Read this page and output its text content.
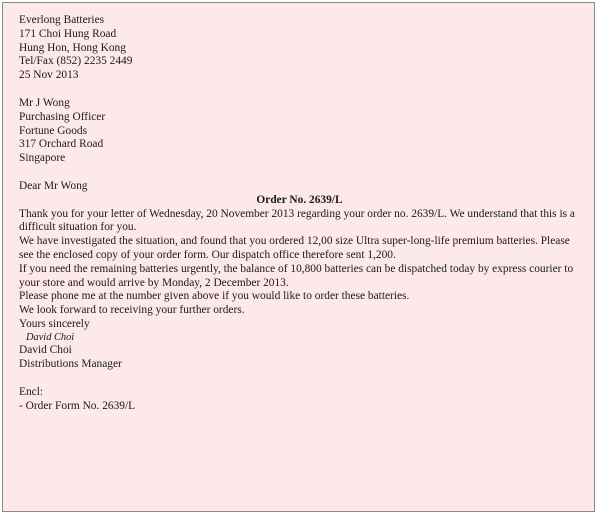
Everlong Batteries
171 Choi Hung Road
Hung Hon, Hong Kong
Tel/Fax (852) 2235 2449
25 Nov 2013
Mr J Wong
Purchasing Officer
Fortune Goods
317 Orchard Road
Singapore

Dear Mr Wong

Order No. 2639/L

Thank you for your letter of Wednesday, 20 November 2013 regarding your order no. 2639/L. We understand that this is a difficult situation for you.

We have investigated the situation, and found that you ordered 12,00 size Ultra super-long-life premium batteries. Please see the enclosed copy of your order form. Our dispatch office therefore sent 1,200.

If you need the remaining batteries urgently, the balance of 10,800 batteries can be dispatched today by express courier to your store and would arrive by Monday, 2 December 2013.

Please phone me at the number given above if you would like to order these batteries.

We look forward to receiving your further orders.

Yours sincerely
David Choi
David Choi
Distributions Manager
Encl:
- Order Form No. 2639/L
